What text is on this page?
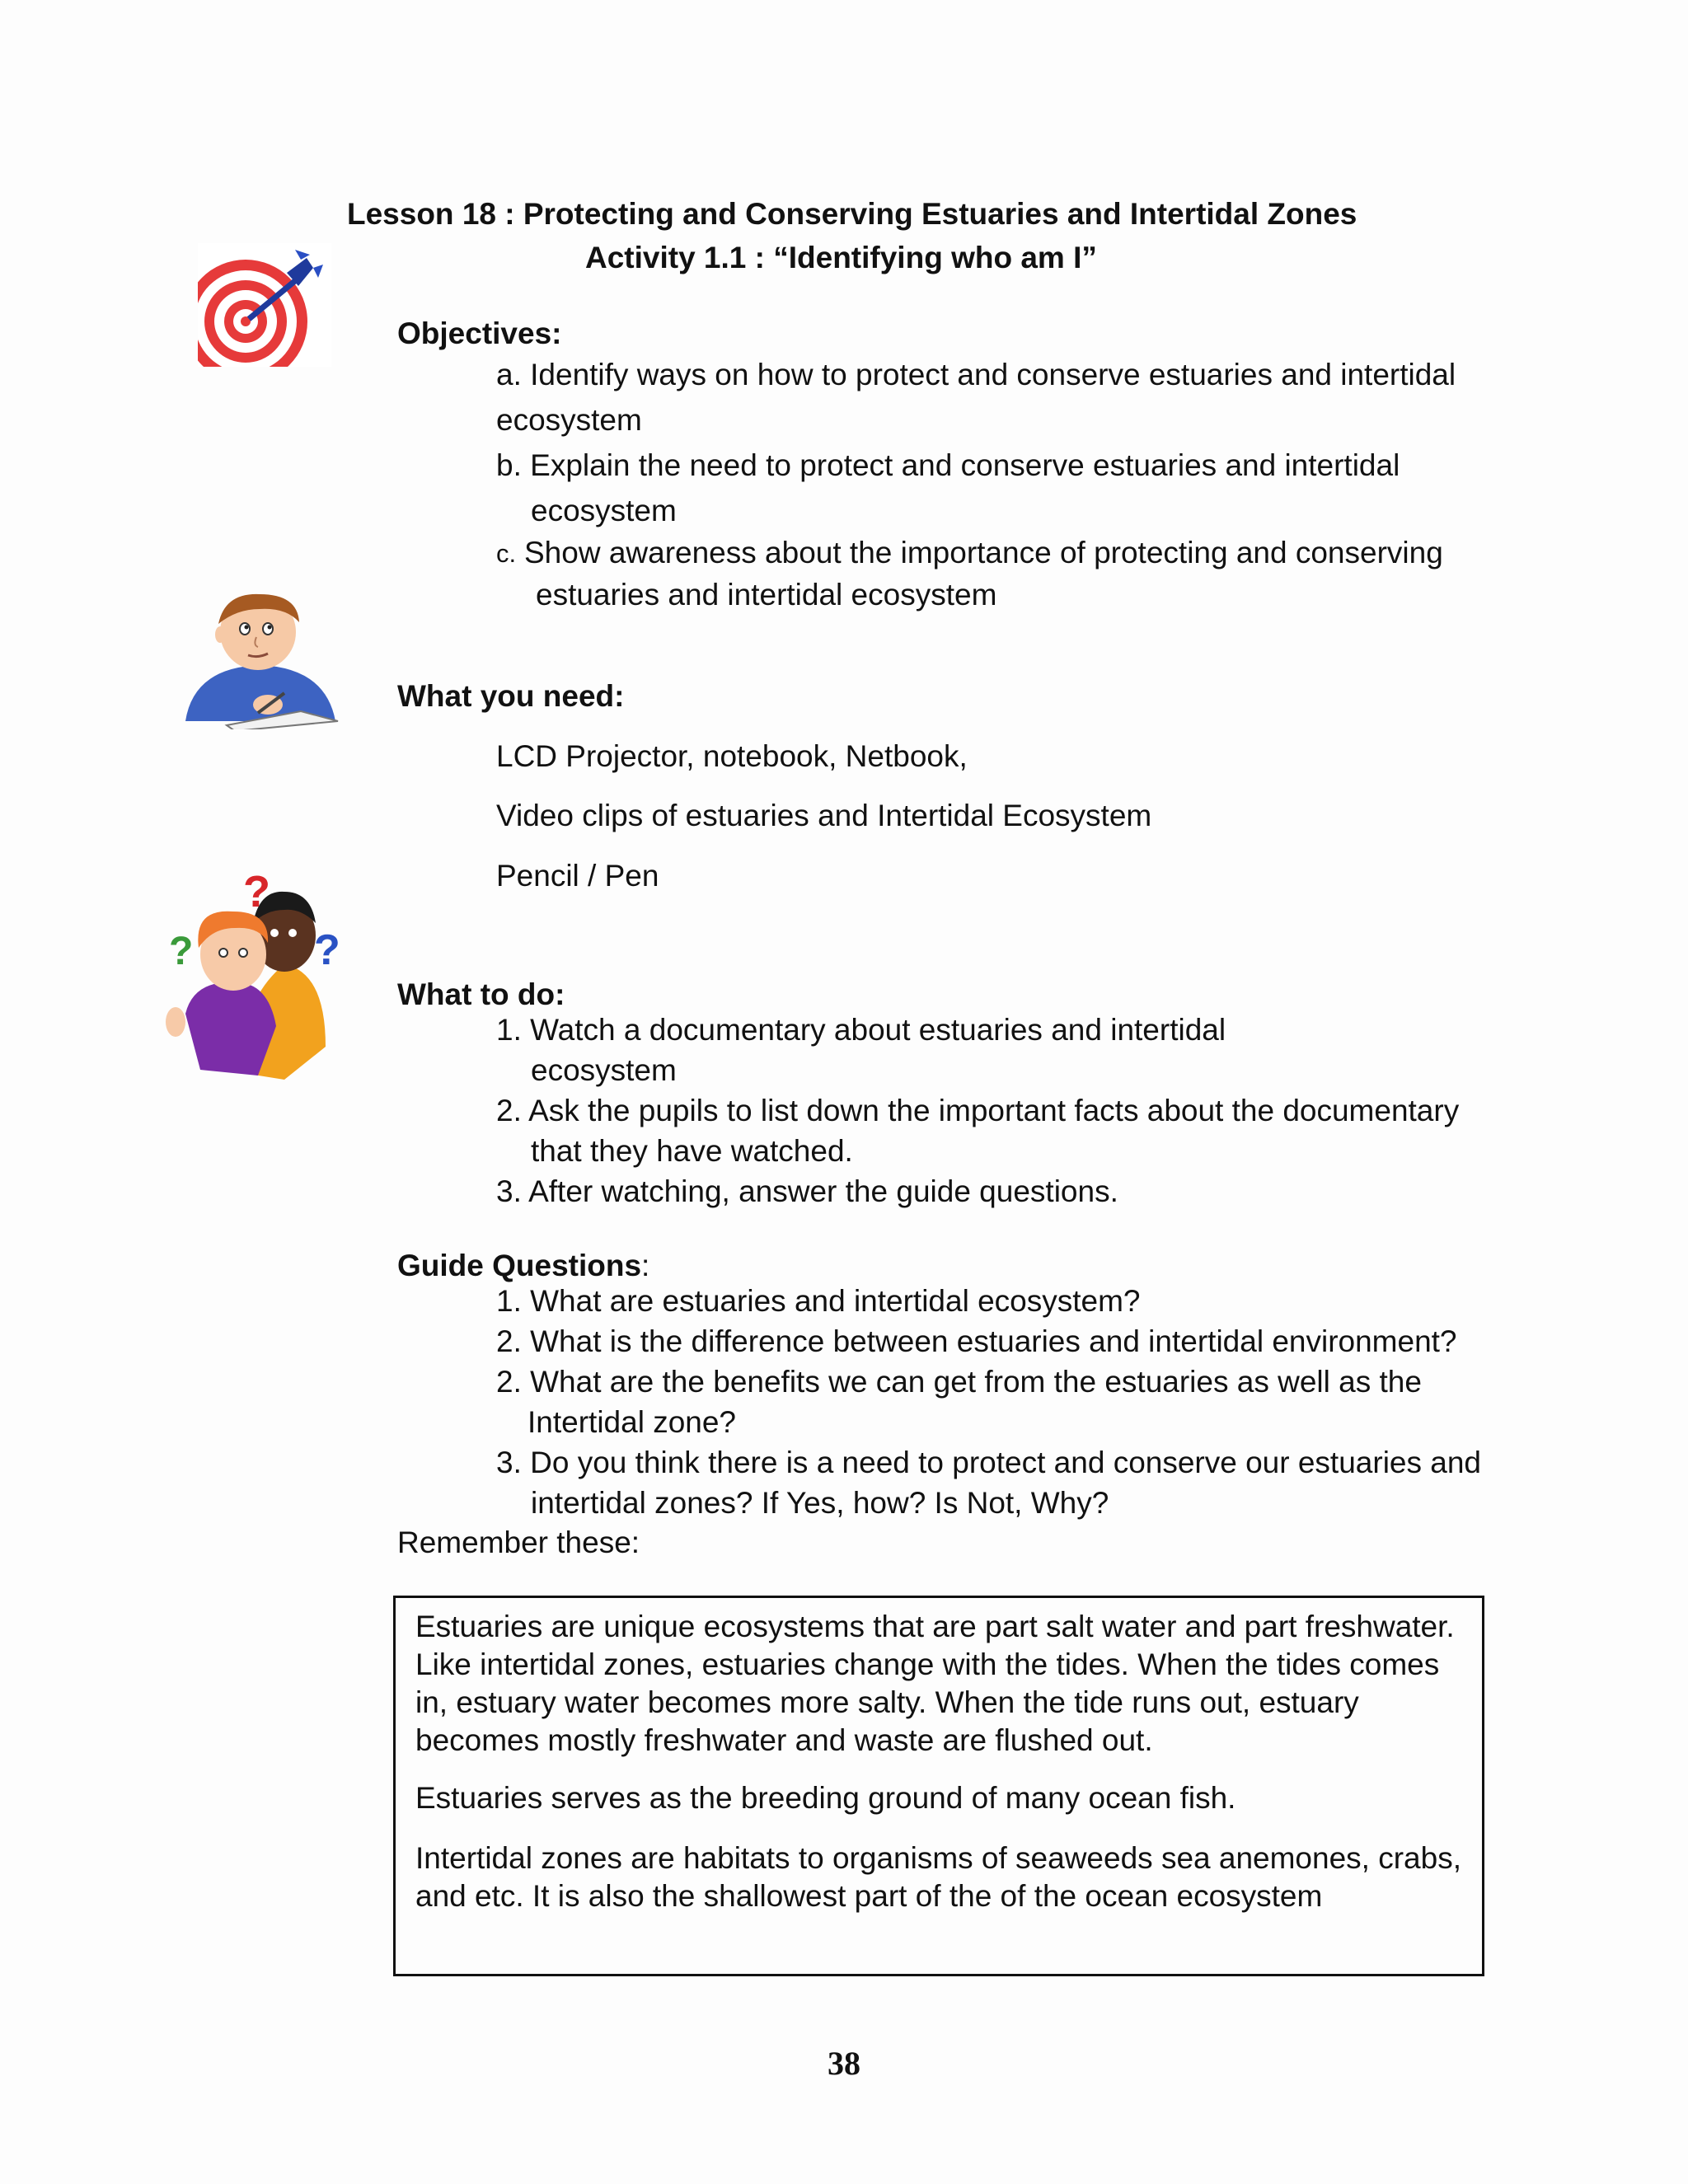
Lesson 18 : Protecting and Conserving Estuaries and Intertidal Zones
Activity 1.1 : “Identifying who am I”
Objectives:
a. Identify ways on how to protect and conserve estuaries and intertidal
ecosystem
b. Explain the need to protect and conserve estuaries and intertidal
ecosystem
c. Show awareness about the importance of protecting and conserving
estuaries and intertidal ecosystem
What you need:
LCD Projector, notebook, Netbook,
Video clips of estuaries and Intertidal Ecosystem
Pencil / Pen
?
?	?
What to do:
1. Watch a documentary about estuaries and intertidal
ecosystem
2. Ask the pupils to list down the important facts about the documentary
that they have watched.
3. After watching, answer the guide questions.
Guide Questions:
1. What are estuaries and intertidal ecosystem?
2. What is the difference between estuaries and intertidal environment?
2. What are the benefits we can get from the estuaries as well as the
Intertidal zone?
3. Do you think there is a need to protect and conserve our estuaries and
intertidal zones? If Yes, how? Is Not, Why?
Remember these:
Estuaries are unique ecosystems that are part salt water and part freshwater. Like intertidal zones, estuaries change with the tides. When the tides comes in, estuary water becomes more salty. When the tide runs out, estuary becomes mostly freshwater and waste are flushed out.
Estuaries serves as the breeding ground of many ocean fish.
Intertidal zones are habitats to organisms of seaweeds sea anemones, crabs, and etc. It is also the shallowest part of the of the ocean ecosystem
38
